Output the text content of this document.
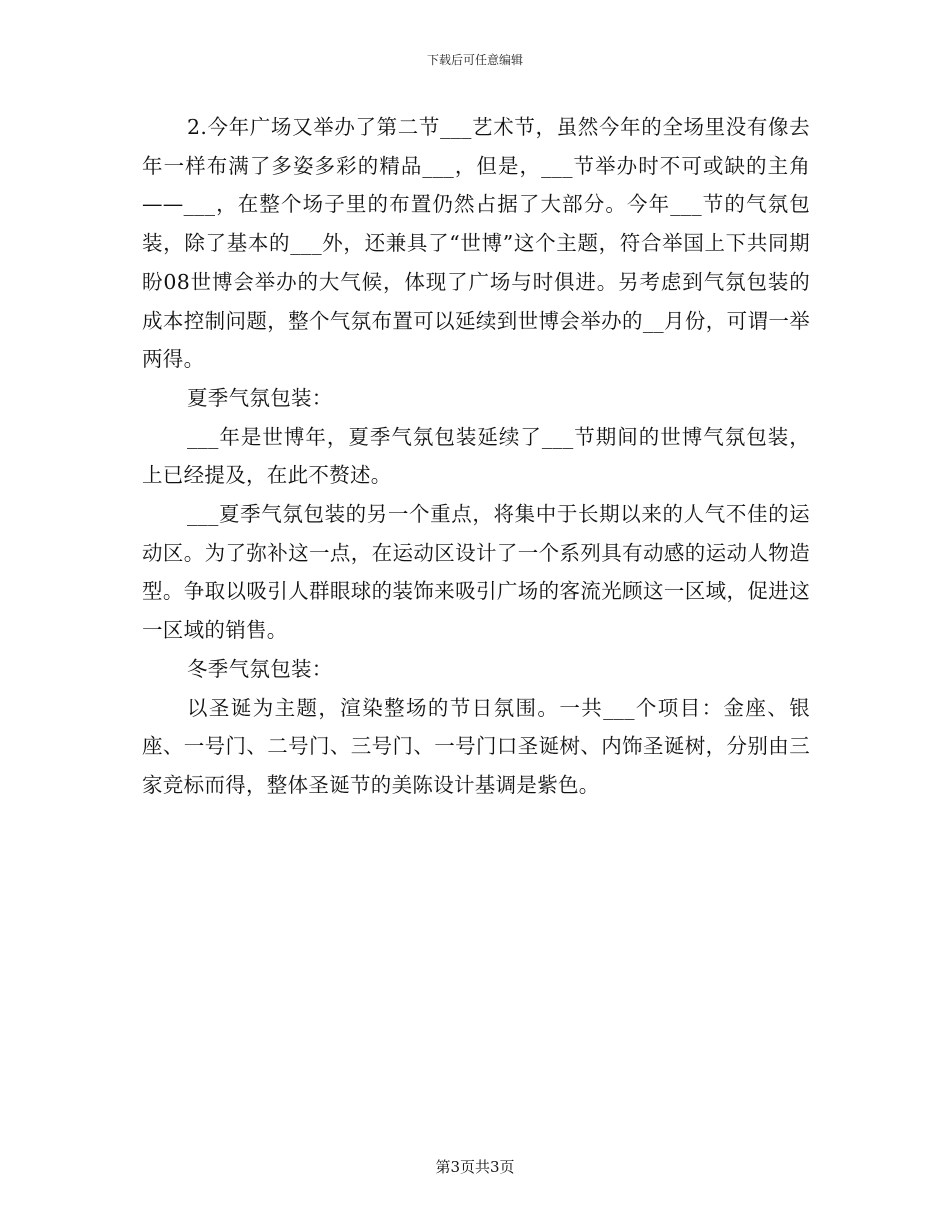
下载后可任意编辑

2.今年广场又举办了第二节___艺术节，虽然今年的全场里没有像去年一样布满了多姿多彩的精品___，但是，___节举办时不可或缺的主角——___，在整个场子里的布置仍然占据了大部分。今年___节的气氛包装，除了基本的___外，还兼具了“世博”这个主题，符合举国上下共同期盼08世博会举办的大气候，体现了广场与时俱进。另考虑到气氛包装的成本控制问题，整个气氛布置可以延续到世博会举办的__月份，可谓一举两得。

夏季气氛包装：

___年是世博年，夏季气氛包装延续了___节期间的世博气氛包装，上已经提及，在此不赘述。

___夏季气氛包装的另一个重点，将集中于长期以来的人气不佳的运动区。为了弥补这一点，在运动区设计了一个系列具有动感的运动人物造型。争取以吸引人群眼球的装饰来吸引广场的客流光顾这一区域，促进这一区域的销售。

冬季气氛包装：

以圣诞为主题，渲染整场的节日氛围。一共___个项目：金座、银座、一号门、二号门、三号门、一号门口圣诞树、内饰圣诞树，分别由三家竞标而得，整体圣诞节的美陈设计基调是紫色。

第3页共3页
